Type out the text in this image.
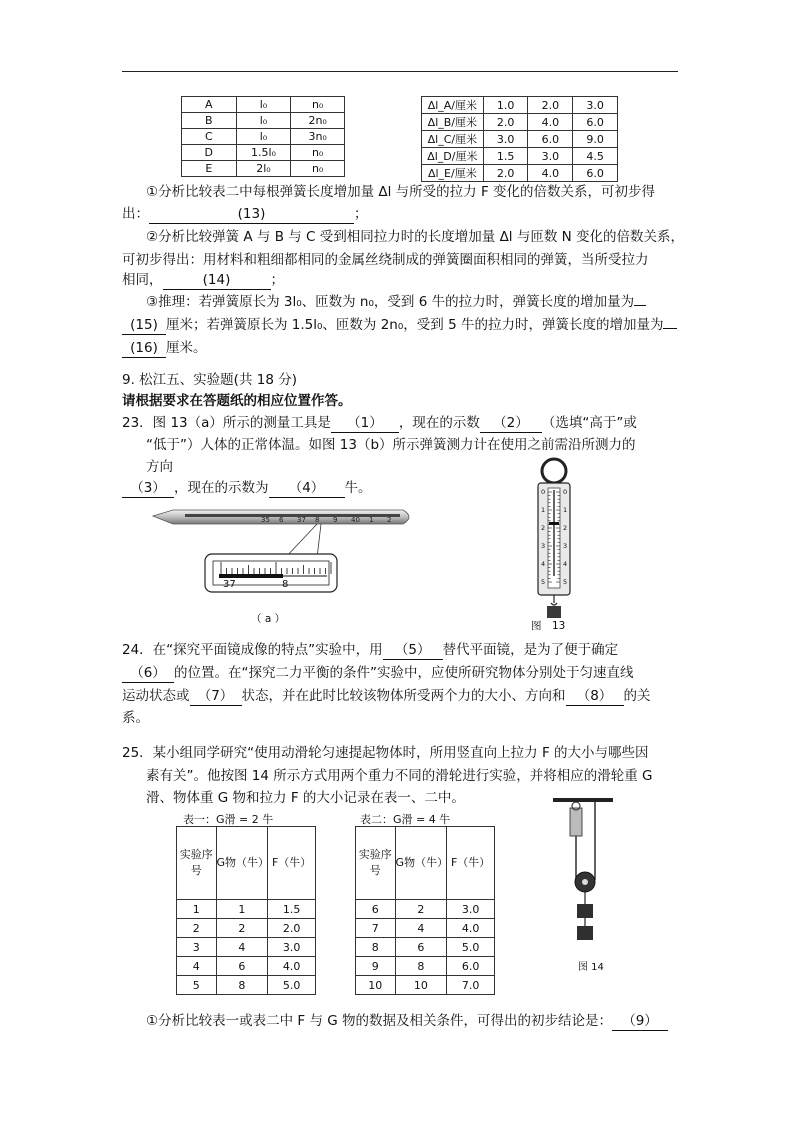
A	l₀	n₀
B	l₀	2n₀
C	l₀	3n₀
D	1.5l₀	n₀
E	2l₀	n₀
Δl_A/厘米	1.0	2.0	3.0
Δl_B/厘米	2.0	4.0	6.0
Δl_C/厘米	3.0	6.0	9.0
Δl_D/厘米	1.5	3.0	4.5
Δl_E/厘米	2.0	4.0	6.0
①分析比较表二中每根弹簧长度增加量 Δl 与所受的拉力 F 变化的倍数关系，可初步得
出：	(13)	；
②分析比较弹簧 A 与 B 与 C 受到相同拉力时的长度增加量 Δl 与匝数 N 变化的倍数关系，
可初步得出：用材料和粗细都相同的金属丝绕制成的弹簧圈面积相同的弹簧，当所受拉力
相同，	(14)	；
③推理：若弹簧原长为 3l₀、匝数为 n₀，受到 6 牛的拉力时，弹簧长度的增加量为
(15) 厘米；若弹簧原长为 1.5l₀、匝数为 2n₀，受到 5 牛的拉力时，弹簧长度的增加量为
(16) 厘米。
9. 松江五、实验题(共 18 分)
请根据要求在答题纸的相应位置作答。
23．图 13（a）所示的测量工具是 （1） ，现在的示数 （2） （选填“高于”或
“低于”）人体的正常体温。如图 13（b）所示弹簧测力计在使用之前需沿所测力的
方向
（3） ，现在的示数为 （4） 牛。
35 6 37 8 9 40 1 2
37	8
（ a ）
0	0
1	1
2	2
3	3
4	4
5	5
图　13
24．在“探究平面镜成像的特点”实验中，用 （5） 替代平面镜，是为了便于确定
（6） 的位置。在“探究二力平衡的条件”实验中，应使所研究物体分别处于匀速直线
运动状态或 （7） 状态，并在此时比较该物体所受两个力的大小、方向和 （8） 的关
系。
25．某小组同学研究“使用动滑轮匀速提起物体时，所用竖直向上拉力 F 的大小与哪些因
素有关”。他按图 14 所示方式用两个重力不同的滑轮进行实验，并将相应的滑轮重 G
滑、物体重 G 物和拉力 F 的大小记录在表一、二中。
表一：G滑 = 2 牛	表二：G滑 = 4 牛
实验序号	G物（牛）	F（牛）
1	1	1.5
2	2	2.0
3	4	3.0
4	6	4.0
5	8	5.0
实验序号	G物（牛）	F（牛）
6	2	3.0
7	4	4.0
8	6	5.0
9	8	6.0
10	10	7.0
图 14
①分析比较表一或表二中 F 与 G 物的数据及相关条件，可得出的初步结论是： （9）
